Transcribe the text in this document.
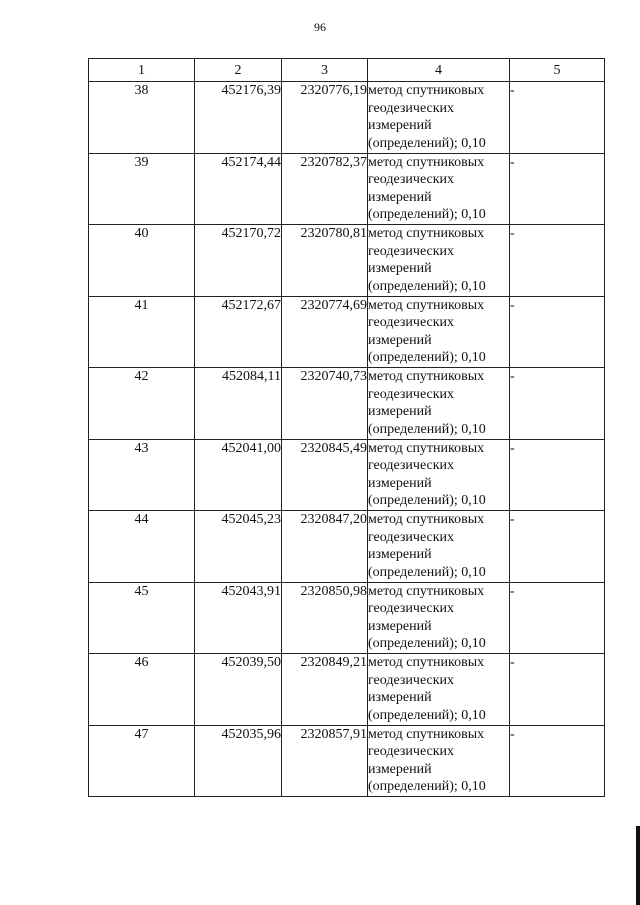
96
1	2	3	4	5
38	452176,39	2320776,19	метод спутниковых
геодезических
измерений
(определений); 0,10	-
39	452174,44	2320782,37	метод спутниковых
геодезических
измерений
(определений); 0,10	-
40	452170,72	2320780,81	метод спутниковых
геодезических
измерений
(определений); 0,10	-
41	452172,67	2320774,69	метод спутниковых
геодезических
измерений
(определений); 0,10	-
42	452084,11	2320740,73	метод спутниковых
геодезических
измерений
(определений); 0,10	-
43	452041,00	2320845,49	метод спутниковых
геодезических
измерений
(определений); 0,10	-
44	452045,23	2320847,20	метод спутниковых
геодезических
измерений
(определений); 0,10	-
45	452043,91	2320850,98	метод спутниковых
геодезических
измерений
(определений); 0,10	-
46	452039,50	2320849,21	метод спутниковых
геодезических
измерений
(определений); 0,10	-
47	452035,96	2320857,91	метод спутниковых
геодезических
измерений
(определений); 0,10	-
